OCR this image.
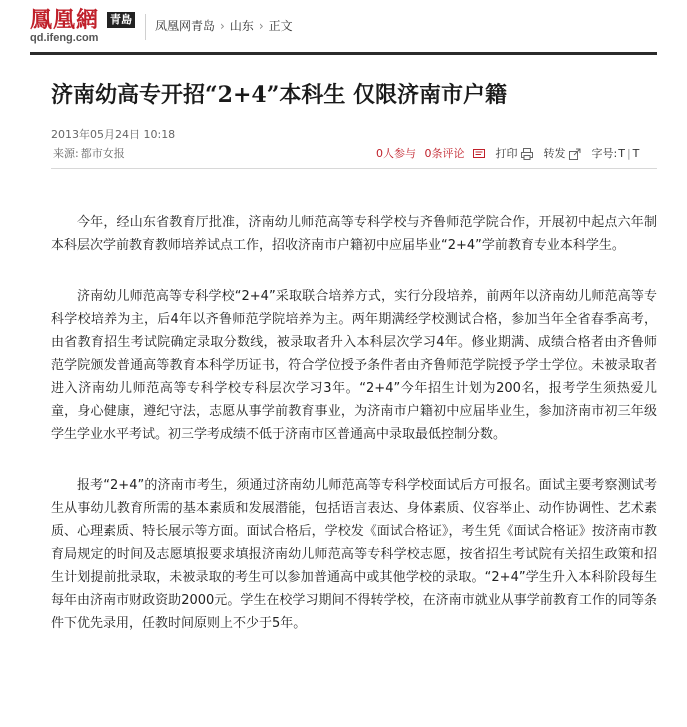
鳳凰網 青島
qd.ifeng.com
凤凰网青岛 › 山东 › 正文
济南幼高专开招“2+4”本科生 仅限济南市户籍
2013年05月24日 10:18
来源: 都市女报	0人参与 0条评论	打印 转发 字号:T | T

今年，经山东省教育厅批准，济南幼儿师范高等专科学校与齐鲁师范学院合作，开展初中起点六年制本科层次学前教育教师培养试点工作，招收济南市户籍初中应届毕业“2+4”学前教育专业本科学生。

济南幼儿师范高等专科学校“2+4”采取联合培养方式，实行分段培养，前两年以济南幼儿师范高等专科学校培养为主，后4年以齐鲁师范学院培养为主。两年期满经学校测试合格，参加当年全省春季高考，由省教育招生考试院确定录取分数线，被录取者升入本科层次学习4年。修业期满、成绩合格者由齐鲁师范学院颁发普通高等教育本科学历证书，符合学位授予条件者由齐鲁师范学院授予学士学位。未被录取者进入济南幼儿师范高等专科学校专科层次学习3年。“2+4”今年招生计划为200名，报考学生须热爱儿童，身心健康，遵纪守法，志愿从事学前教育事业，为济南市户籍初中应届毕业生，参加济南市初三年级学生学业水平考试。初三学考成绩不低于济南市区普通高中录取最低控制分数。

报考“2+4”的济南市考生，须通过济南幼儿师范高等专科学校面试后方可报名。面试主要考察测试考生从事幼儿教育所需的基本素质和发展潜能，包括语言表达、身体素质、仪容举止、动作协调性、艺术素质、心理素质、特长展示等方面。面试合格后，学校发《面试合格证》，考生凭《面试合格证》按济南市教育局规定的时间及志愿填报要求填报济南幼儿师范高等专科学校志愿，按省招生考试院有关招生政策和招生计划提前批录取，未被录取的考生可以参加普通高中或其他学校的录取。“2+4”学生升入本科阶段每生每年由济南市财政资助2000元。学生在校学习期间不得转学校，在济南市就业从事学前教育工作的同等条件下优先录用，任教时间原则上不少于5年。
